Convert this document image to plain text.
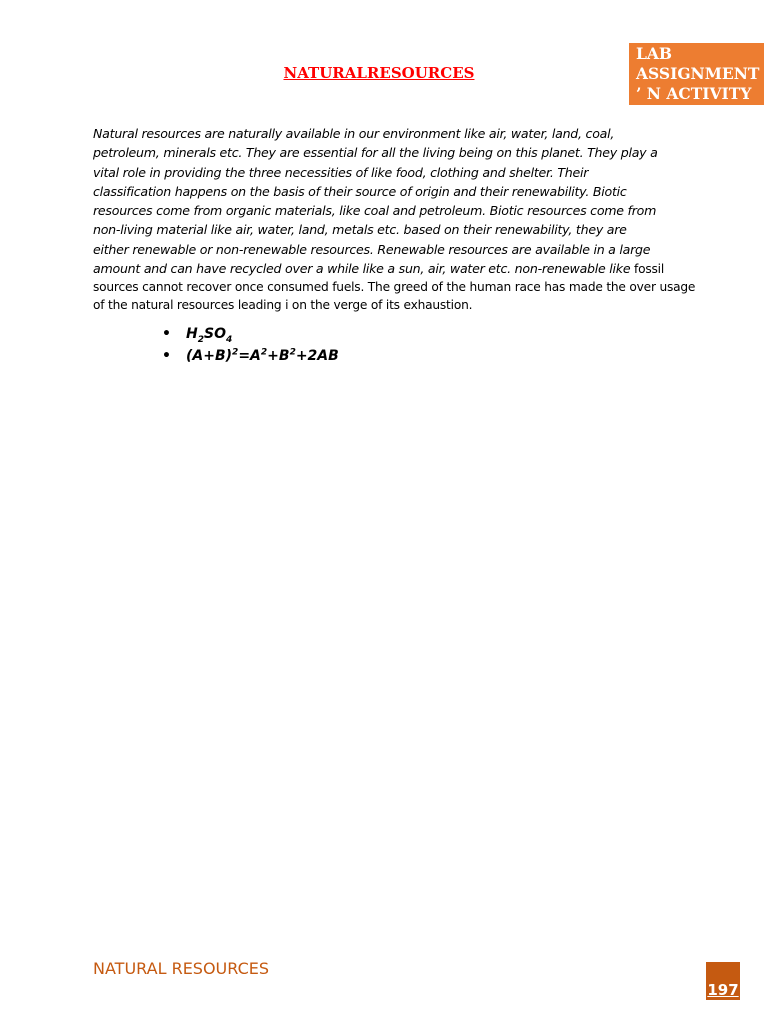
LAB
ASSIGNMENT
’ N ACTIVITY
NATURALRESOURCES
Natural resources are naturally available in our environment like air, water, land, coal,
petroleum, minerals etc. They are essential for all the living being on this planet. They play a
vital role in providing the three necessities of like food, clothing and shelter. Their
classification happens on the basis of their source of origin and their renewability. Biotic
resources come from organic materials, like coal and petroleum. Biotic resources come from
non-living material like air, water, land, metals etc. based on their renewability, they are
either renewable or non-renewable resources. Renewable resources are available in a large
amount and can have recycled over a while like a sun, air, water etc. non-renewable like fossil
sources cannot recover once consumed fuels. The greed of the human race has made the over usage
of the natural resources leading i on the verge of its exhaustion.
• $H_2SO_4$
• $(A+B)^2=A^2+B^2+2AB$
NATURAL RESOURCES
197
